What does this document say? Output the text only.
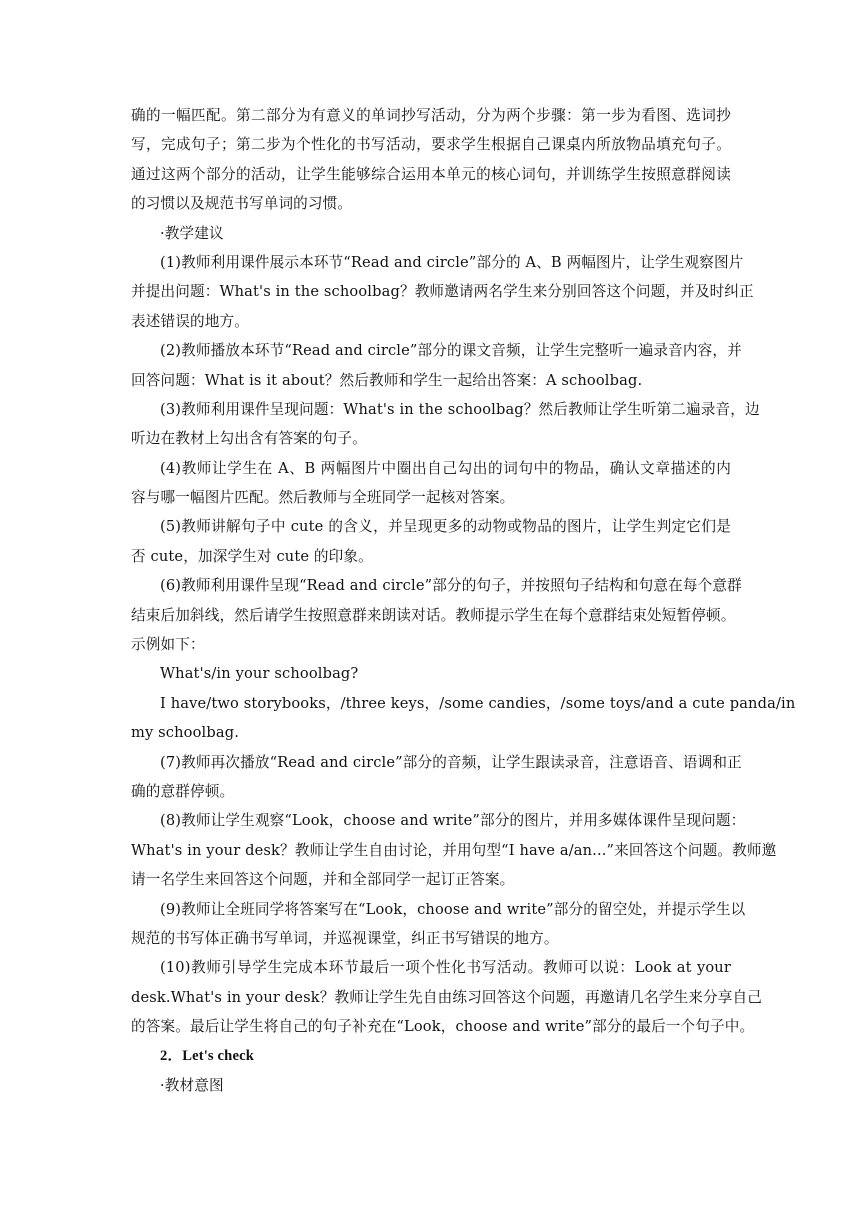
确的一幅匹配。第二部分为有意义的单词抄写活动，分为两个步骤：第一步为看图、选词抄
写，完成句子；第二步为个性化的书写活动，要求学生根据自己课桌内所放物品填充句子。
通过这两个部分的活动，让学生能够综合运用本单元的核心词句，并训练学生按照意群阅读
的习惯以及规范书写单词的习惯。
·教学建议
(1)教师利用课件展示本环节“Read and circle”部分的 A、B 两幅图片，让学生观察图片
并提出问题：What's in the schoolbag？教师邀请两名学生来分别回答这个问题，并及时纠正
表述错误的地方。
(2)教师播放本环节“Read and circle”部分的课文音频，让学生完整听一遍录音内容，并
回答问题：What is it about？然后教师和学生一起给出答案：A schoolbag.
(3)教师利用课件呈现问题：What's in the schoolbag？然后教师让学生听第二遍录音，边
听边在教材上勾出含有答案的句子。
(4)教师让学生在 A、B 两幅图片中圈出自己勾出的词句中的物品，确认文章描述的内
容与哪一幅图片匹配。然后教师与全班同学一起核对答案。
(5)教师讲解句子中 cute 的含义，并呈现更多的动物或物品的图片，让学生判定它们是
否 cute，加深学生对 cute 的印象。
(6)教师利用课件呈现“Read and circle”部分的句子，并按照句子结构和句意在每个意群
结束后加斜线，然后请学生按照意群来朗读对话。教师提示学生在每个意群结束处短暂停顿。
示例如下：
What's/in your schoolbag?
I have/two storybooks，/three keys，/some candies，/some toys/and a cute panda/in
my schoolbag.
(7)教师再次播放“Read and circle”部分的音频，让学生跟读录音，注意语音、语调和正
确的意群停顿。
(8)教师让学生观察“Look，choose and write”部分的图片，并用多媒体课件呈现问题：
What's in your desk？教师让学生自由讨论，并用句型“I have a/an...”来回答这个问题。教师邀
请一名学生来回答这个问题，并和全部同学一起订正答案。
(9)教师让全班同学将答案写在“Look，choose and write”部分的留空处，并提示学生以
规范的书写体正确书写单词，并巡视课堂，纠正书写错误的地方。
(10)教师引导学生完成本环节最后一项个性化书写活动。教师可以说：Look at your
desk.What's in your desk？教师让学生先自由练习回答这个问题，再邀请几名学生来分享自己
的答案。最后让学生将自己的句子补充在“Look，choose and write”部分的最后一个句子中。
2．Let's check
·教材意图
